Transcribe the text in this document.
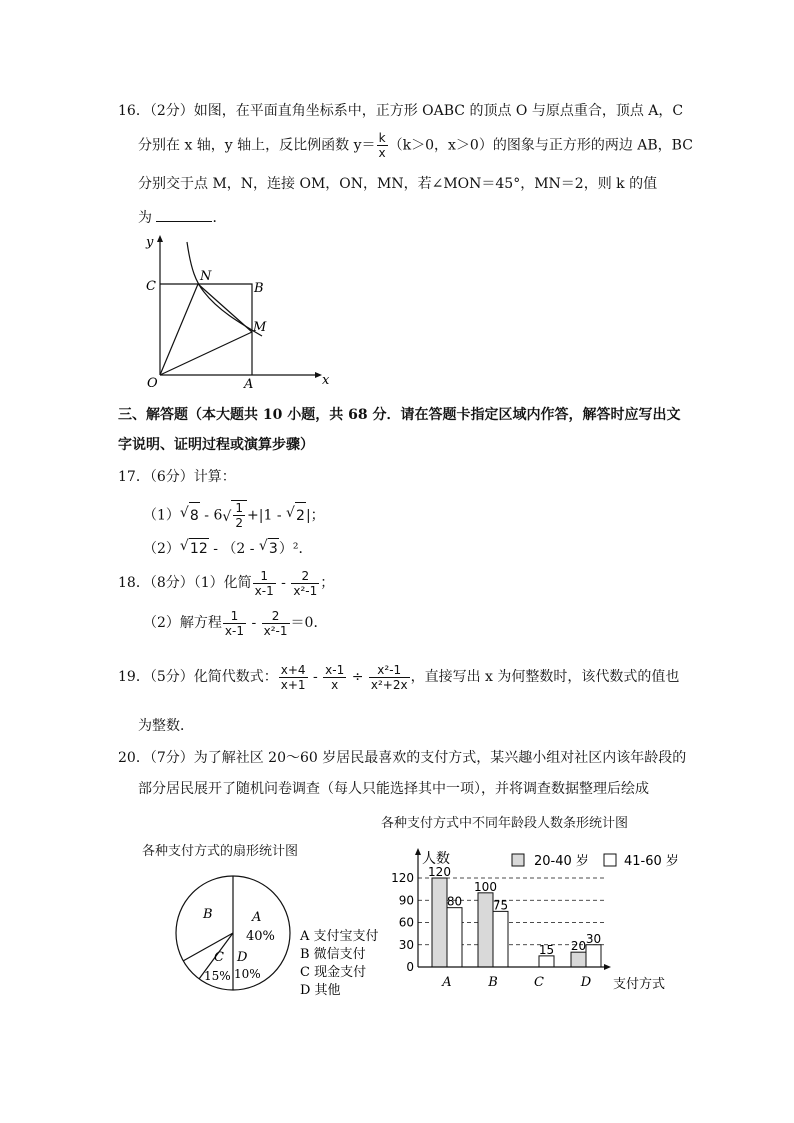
16．（2分）如图，在平面直角坐标系中，正方形 OABC 的顶点 O 与原点重合，顶点 A，C
分别在 x 轴，y 轴上，反比例函数 $y= \frac{k}{x} (k>0$，x＞0）的图象与正方形的两边 AB，BC
分别交于点 M，N，连接 OM，ON，MN，若∠MON＝45°，MN＝2，则 k 的值
为	．
y
x
C	B
N
M
O	A
三、解答题（本大题共 10 小题，共 68 分．请在答题卡指定区域内作答，解答时应写出文
字说明、证明过程或演算步骤）
17．（6分）计算：
（1） √ 8 - 6 √ $\frac{1}{2} +|1$ - √ 2|；
（2） √ 12 - （2 - √ 3）²．
18．（8分）（1）化简 $\frac{1}{x-1} - \frac{2}{\text{x²-1}}$ ；
（2）解方程 $\frac{1}{x-1} - \frac{2}{\text{x²-1}} =0$．
19．（5分）化简代数式： $\frac{x+4}{x+1} - \frac{x-1}{x} \div \frac{\text{x²-1}}{\text{x²+2x}}$ ，直接写出 x 为何整数时，该代数式的值也
为整数．
20．（7分）为了解社区 20～60 岁居民最喜欢的支付方式，某兴趣小组对社区内该年龄段的
部分居民展开了随机问卷调查（每人只能选择其中一项），并将调查数据整理后绘成
各种支付方式的扇形统计图
A
40%
B
C
15%
D
10%
A 支付宝支付
B 微信支付
C 现金支付
D 其他
各种支付方式中不同年龄段人数条形统计图
0
30
60
90
120 120
80
A
100
75
B
15
C
20
30
D
人数
支付方式
20-40 岁	41-60 岁
